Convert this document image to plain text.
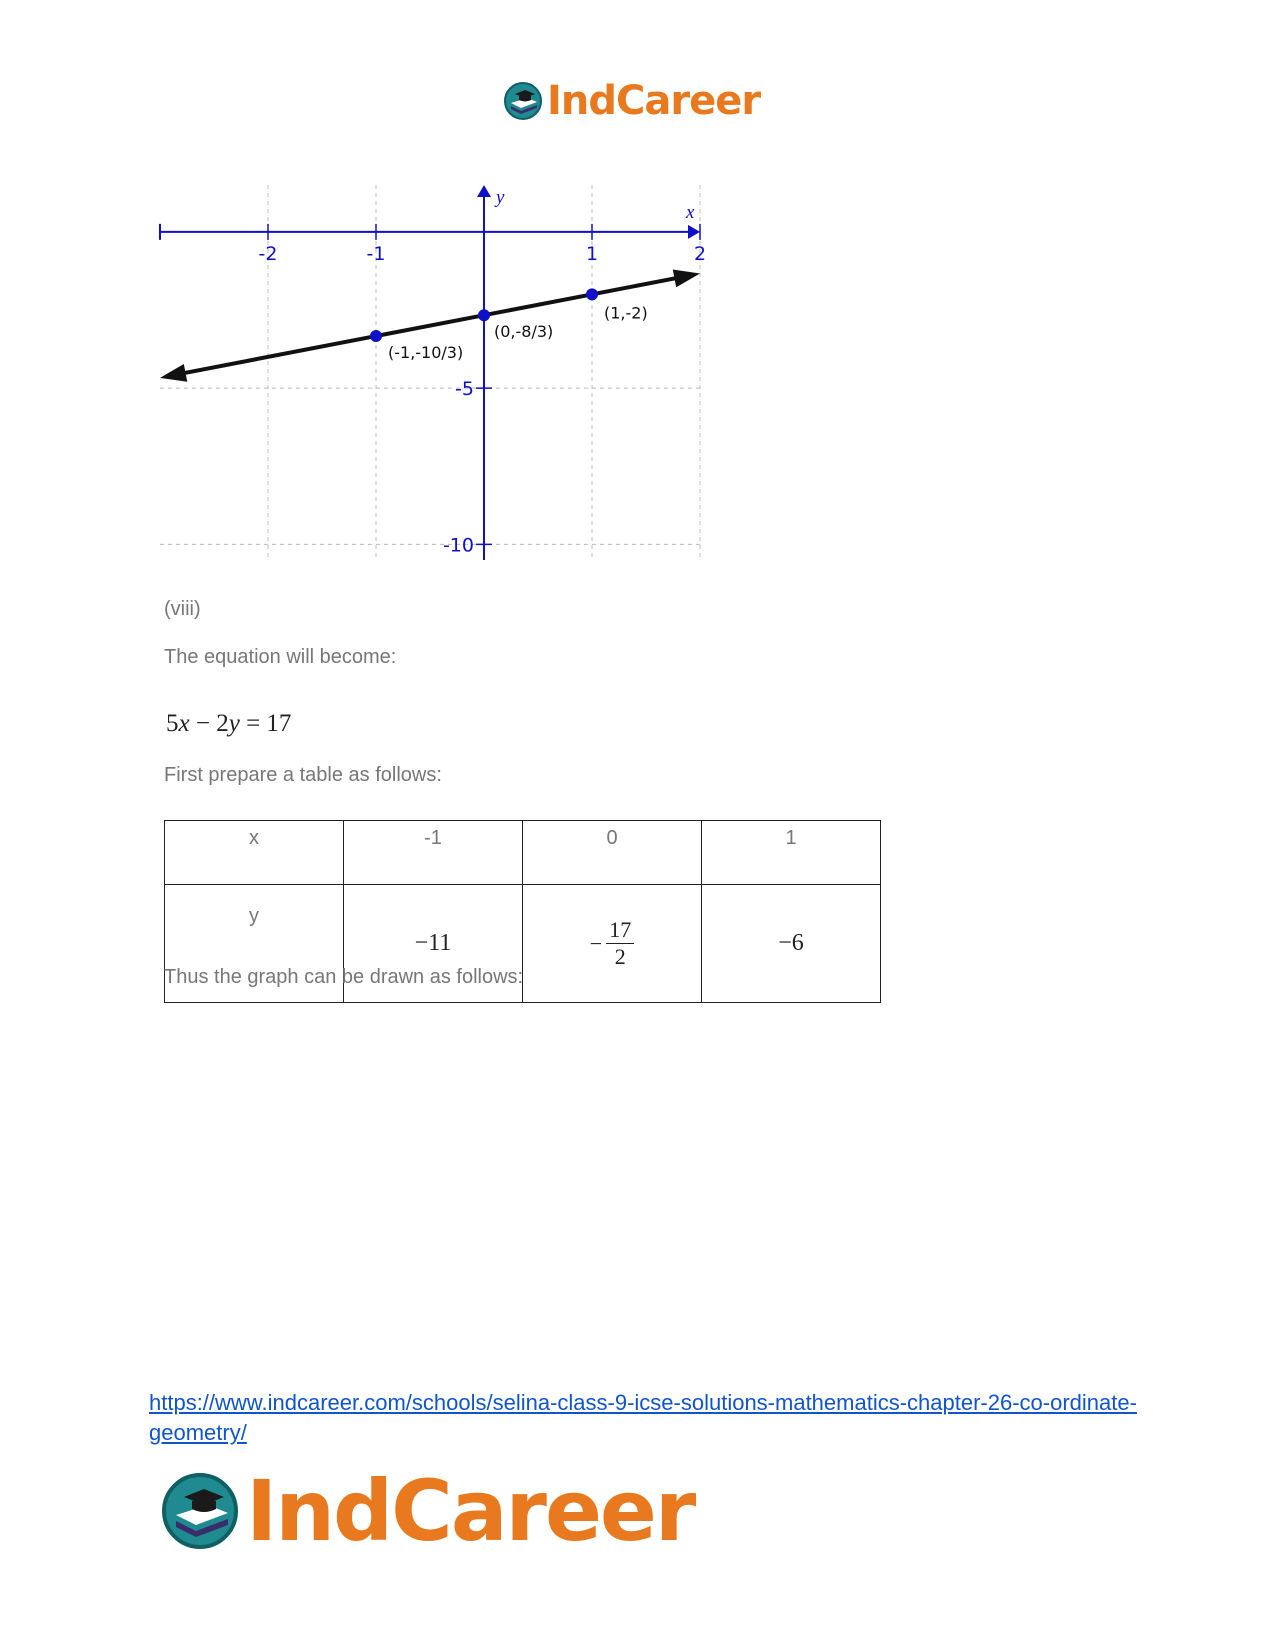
IndCareer
x
y
-2	-1	1	2
-5
-10
(-1,-10/3)
(0,-8/3)
(1,-2)
(viii)
The equation will become:
5x − 2y = 17
First prepare a table as follows:
x	-1	0	1
y	−11	− $\frac{17}{2}$	−6
Thus the graph can be drawn as follows:
https://www.indcareer.com/schools/selina-class-9-icse-solutions-mathematics-chapter-26-co-ordinate-geometry/
IndCareer
